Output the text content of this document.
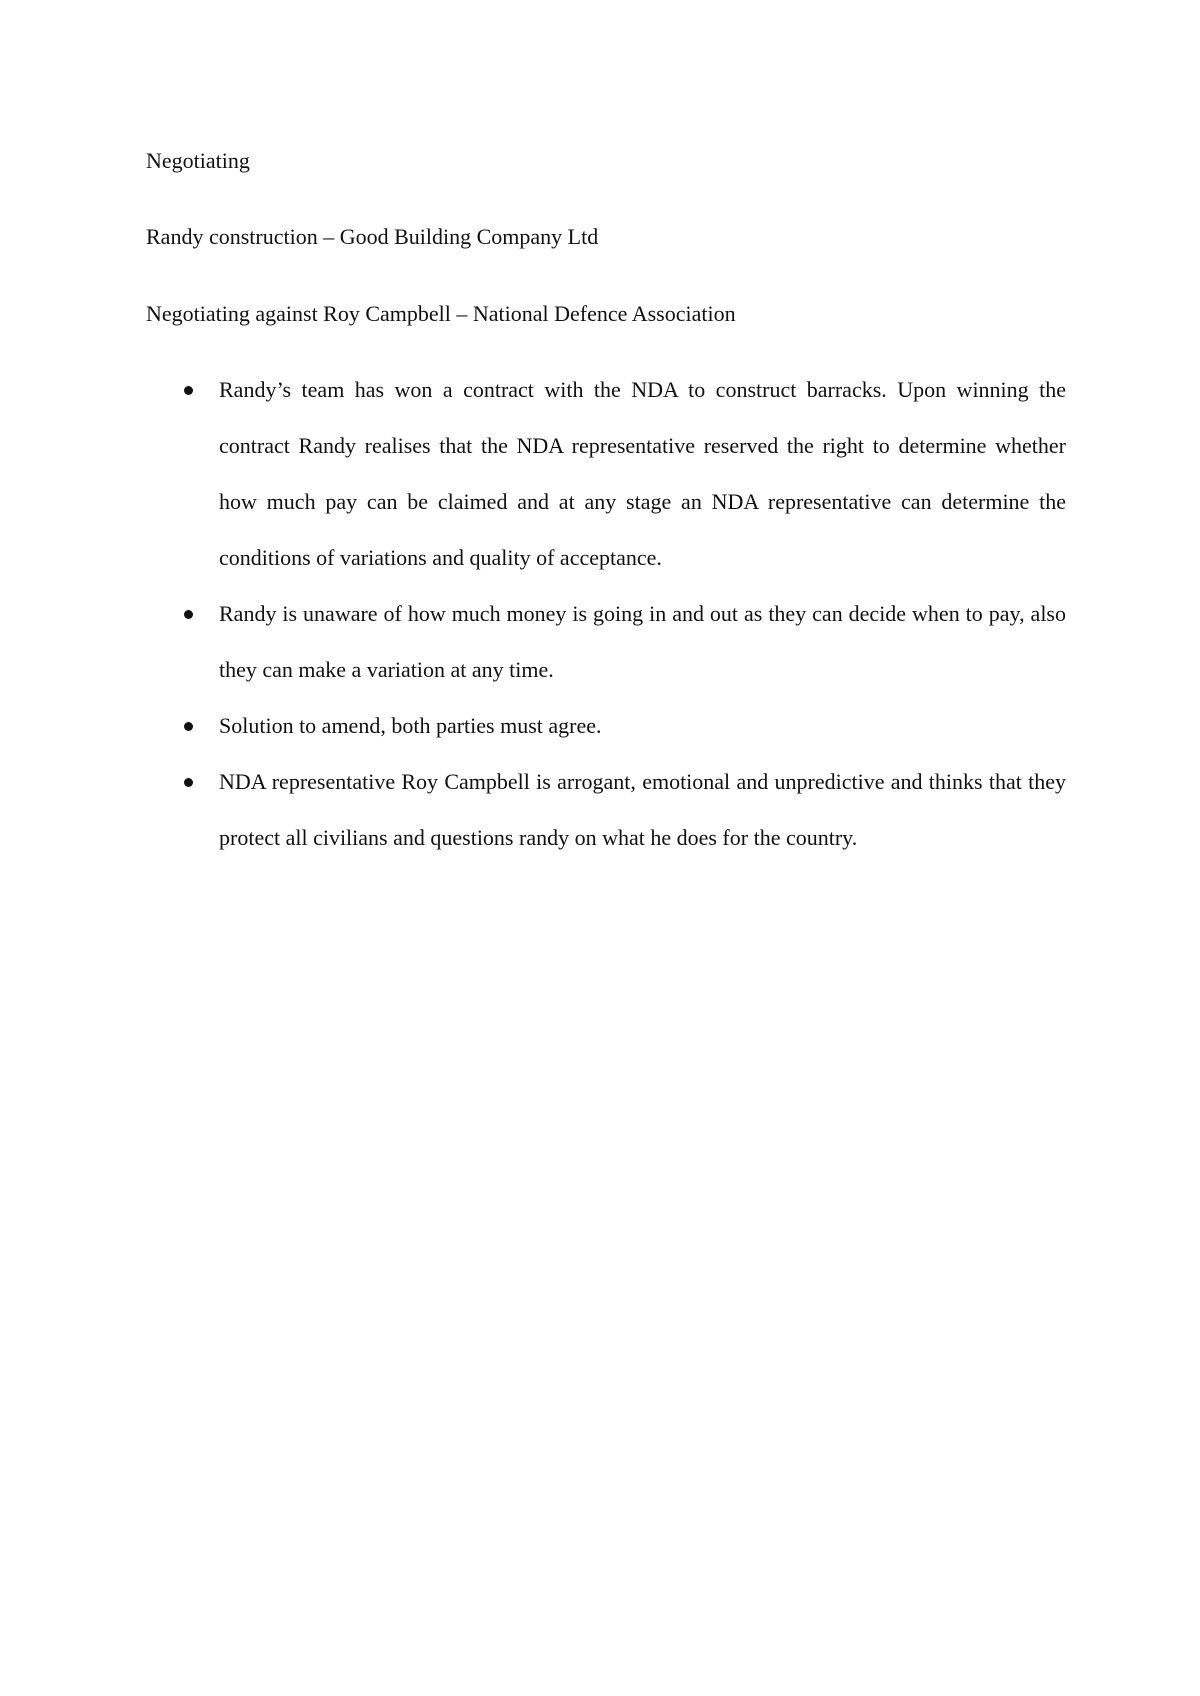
Negotiating

Randy construction – Good Building Company Ltd

Negotiating against Roy Campbell – National Defence Association

Randy’s team has won a contract with the NDA to construct barracks. Upon winning the contract Randy realises that the NDA representative reserved the right to determine whether how much pay can be claimed and at any stage an NDA representative can determine the conditions of variations and quality of acceptance.
Randy is unaware of how much money is going in and out as they can decide when to pay, also they can make a variation at any time.
Solution to amend, both parties must agree.
NDA representative Roy Campbell is arrogant, emotional and unpredictive and thinks that they protect all civilians and questions randy on what he does for the country.
